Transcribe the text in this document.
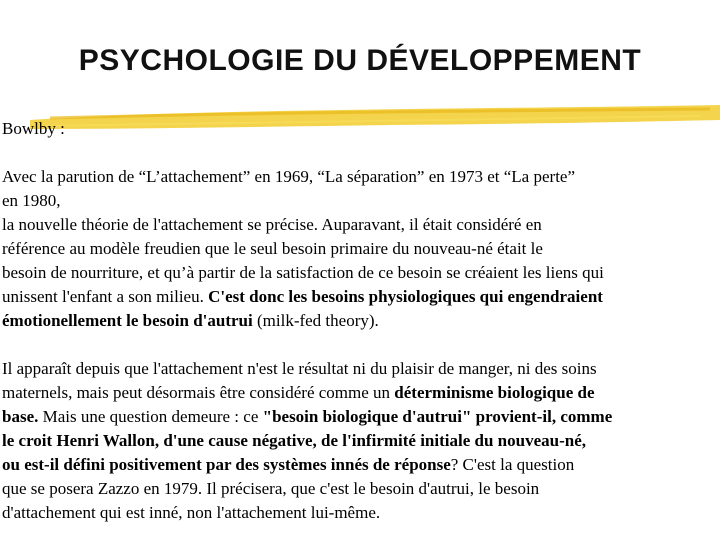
PSYCHOLOGIE DU DÉVELOPPEMENT
Bowlby :
Avec la parution de “L’attachement” en 1969, “La séparation” en 1973 et “La perte”
en 1980,
la nouvelle théorie de l'attachement se précise. Auparavant, il était considéré en
référence au modèle freudien que le seul besoin primaire du nouveau-né était le
besoin de nourriture, et qu’à partir de la satisfaction de ce besoin se créaient les liens qui
unissent l'enfant a son milieu. C'est donc les besoins physiologiques qui engendraient
émotionellement le besoin d'autrui (milk-fed theory).
Il apparaît depuis que l'attachement n'est le résultat ni du plaisir de manger, ni des soins
maternels, mais peut désormais être considéré comme un déterminisme biologique de
base. Mais une question demeure : ce "besoin biologique d'autrui" provient-il, comme
le croit Henri Wallon, d'une cause négative, de l'infirmité initiale du nouveau-né,
ou est-il défini positivement par des systèmes innés de réponse? C'est la question
que se posera Zazzo en 1979. Il précisera, que c'est le besoin d'autrui, le besoin
d'attachement qui est inné, non l'attachement lui-même.
